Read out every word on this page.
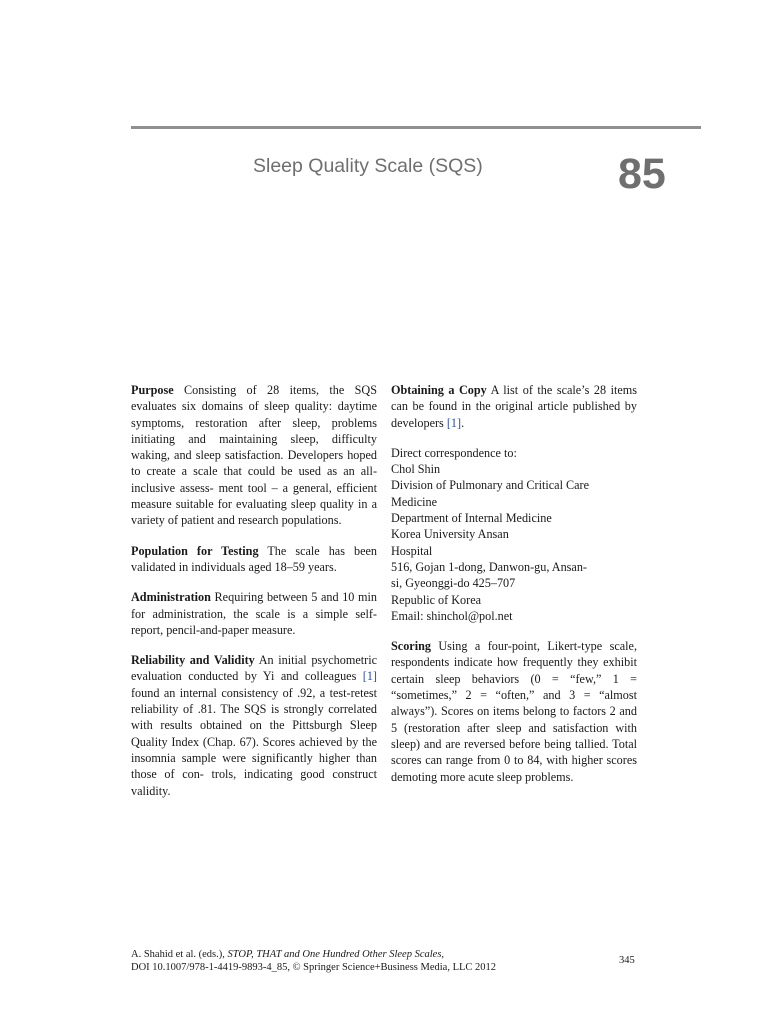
Sleep Quality Scale (SQS)	85

Purpose Consisting of 28 items, the SQS evaluates six domains of sleep quality: daytime symptoms, restoration after sleep, problems initiating and maintaining sleep, difficulty waking, and sleep satisfaction. Developers hoped to create a scale that could be used as an all-inclusive assess- ment tool – a general, efficient measure suitable for evaluating sleep quality in a variety of patient and research populations.

Population for Testing The scale has been validated in individuals aged 18–59 years.

Administration Requiring between 5 and 10 min for administration, the scale is a simple self-report, pencil-and-paper measure.

Reliability and Validity An initial psychometric evaluation conducted by Yi and colleagues [1] found an internal consistency of .92, a test-retest reliability of .81. The SQS is strongly correlated with results obtained on the Pittsburgh Sleep Quality Index (Chap. 67). Scores achieved by the insomnia sample were significantly higher than those of con- trols, indicating good construct validity.

Obtaining a Copy A list of the scale’s 28 items can be found in the original article published by developers [1].

Direct correspondence to:
Chol Shin
Division of Pulmonary and Critical Care
Medicine
Department of Internal Medicine
Korea University Ansan
Hospital
516, Gojan 1-dong, Danwon-gu, Ansan-
si, Gyeonggi-do 425–707
Republic of Korea
Email: shinchol@pol.net

Scoring Using a four-point, Likert-type scale, respondents indicate how frequently they exhibit certain sleep behaviors (0 = “few,” 1 = “sometimes,” 2 = “often,” and 3 = “almost always”). Scores on items belong to factors 2 and 5 (restoration after sleep and satisfaction with sleep) and are reversed before being tallied. Total scores can range from 0 to 84, with higher scores demoting more acute sleep problems.

A. Shahid et al. (eds.), STOP, THAT and One Hundred Other Sleep Scales,
DOI 10.1007/978-1-4419-9893-4_85, © Springer Science+Business Media, LLC 2012
345
